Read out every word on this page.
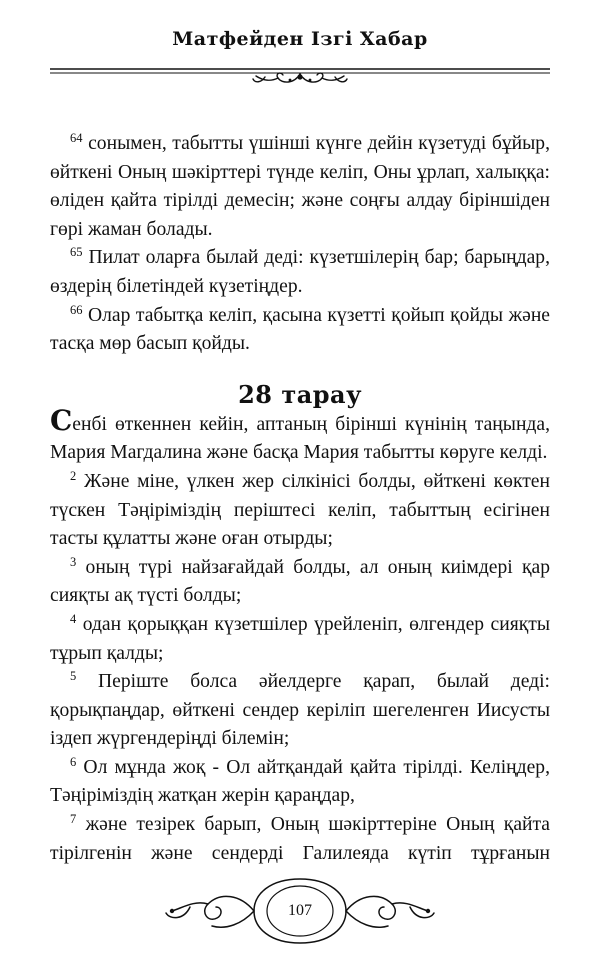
Матфейден Ізгі Хабар

$^{64}$ сонымен, табытты үшінші күнге дейін күзетуді бұйыр, өйткені Оның шәкірттері түнде келіп, Оны ұрлап, халыққа: өліден қайта тірілді демесін; және соңғы алдау біріншіден гөрі жаман болады.

$^{65}$ Пилат оларға былай деді: күзетшілерің бар; барыңдар, өздерің білетіндей күзетіңдер.

$^{66}$ Олар табытқа келіп, қасына күзетті қойып қойды және тасқа мөр басып қойды.

28 тарау

Сенбі өткеннен кейін, аптаның бірінші күнінің таңында, Мария Магдалина және басқа Мария табытты көруге келді.

$^2$ Және міне, үлкен жер сілкінісі болды, өйткені көктен түскен Тәңіріміздің періштесі келіп, табыттың есігінен тасты құлатты және оған отырды;

$^3$ оның түрі найзағайдай болды, ал оның киімдері қар сияқты ақ түсті болды;

$^4$ одан қорыққан күзетшілер үрейленіп, өлгендер сияқты тұрып қалды;

$^5$ Періште болса әйелдерге қарап, былай деді: қорықпаңдар, өйткені сендер керіліп шегеленген Иисусты іздеп жүргендеріңді білемін;

$^6$ Ол мұнда жоқ - Ол айтқандай қайта тірілді. Келіңдер, Тәңіріміздің жатқан жерін қараңдар,

$^7$ және тезірек барып, Оның шәкірттеріне Оның қайта тірілгенін және сендерді Галилеяда күтіп тұрғанын

107
